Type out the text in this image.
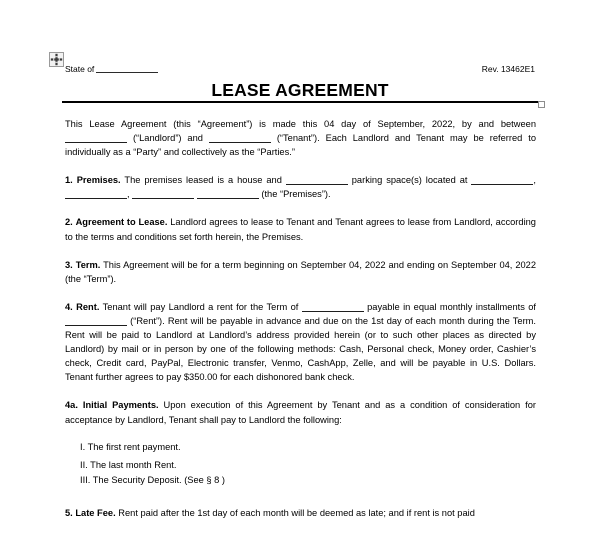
State of	Rev. 13462E1
LEASE AGREEMENT

This Lease Agreement (this “Agreement”) is made this 04 day of September, 2022, by and between  (“Landlord”) and	(“Tenant”). Each Landlord and Tenant may be referred to individually as a “Party” and collectively as the “Parties.”

1. Premises. The premises leased is a house and	parking space(s) located at	, ,	(the “Premises”).

2. Agreement to Lease. Landlord agrees to lease to Tenant and Tenant agrees to lease from Landlord, according to the terms and conditions set forth herein, the Premises.

3. Term. This Agreement will be for a term beginning on September 04, 2022 and ending on September 04, 2022 (the “Term”).

4. Rent. Tenant will pay Landlord a rent for the Term of	payable in equal monthly installments of  (“Rent”). Rent will be payable in advance and due on the 1st day of each month during the Term. Rent will be paid to Landlord at Landlord’s address provided herein (or to such other places as directed by Landlord) by mail or in person by one of the following methods: Cash, Personal check, Money order, Cashier’s check, Credit card, PayPal, Electronic transfer, Venmo, CashApp, Zelle, and will be payable in U.S. Dollars. Tenant further agrees to pay $350.00 for each dishonored bank check.

4a. Initial Payments. Upon execution of this Agreement by Tenant and as a condition of consideration for acceptance by Landlord, Tenant shall pay to Landlord the following:

I. The first rent payment.
II. The last month Rent.
III. The Security Deposit. (See § 8 )

5. Late Fee. Rent paid after the 1st day of each month will be deemed as late; and if rent is not paid
